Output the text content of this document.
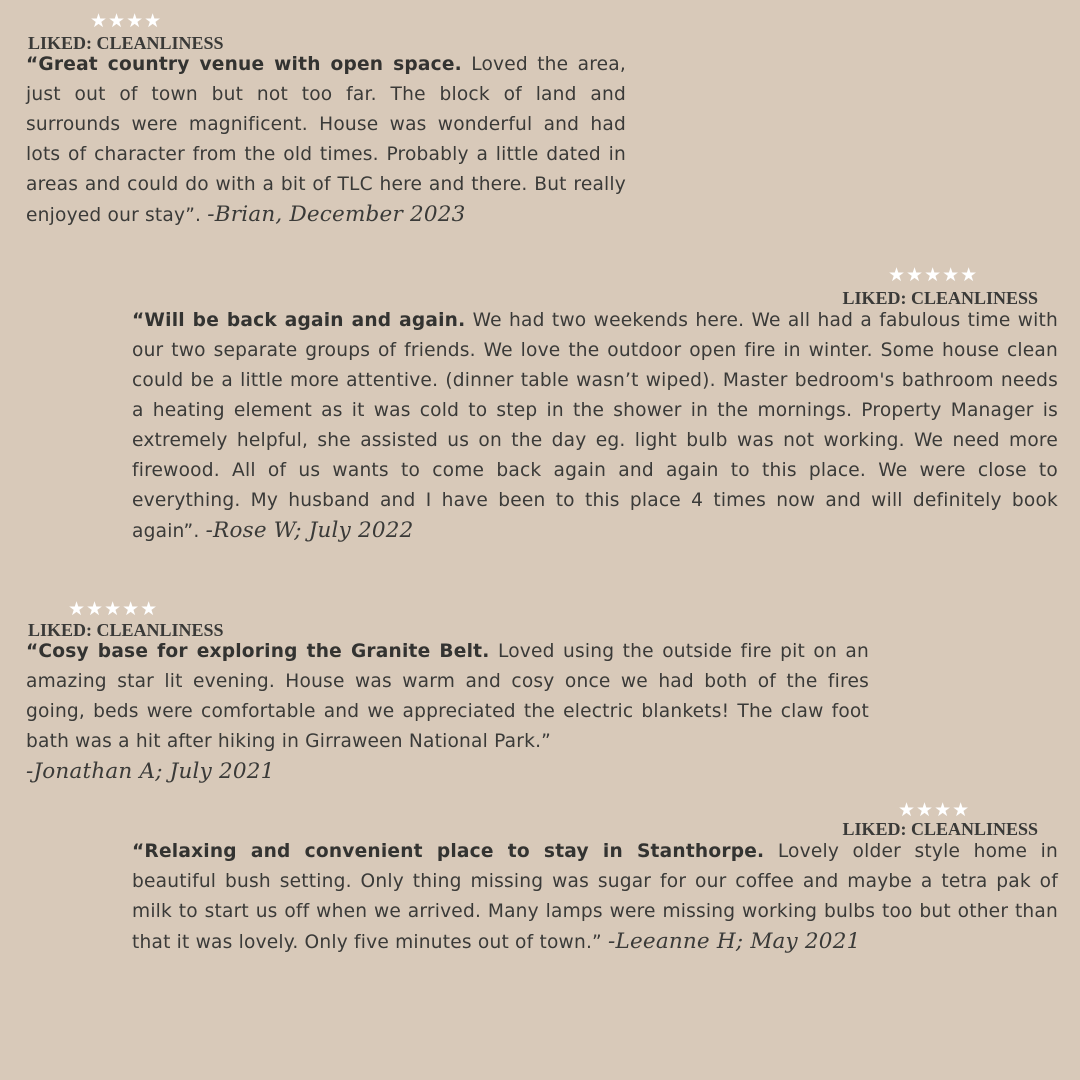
★★★★
LIKED: CLEANLINESS

“Great country venue with open space. Loved the area, just out of town but not too far. The block of land and surrounds were magnificent. House was wonderful and had lots of character from the old times. Probably a little dated in areas and could do with a bit of TLC here and there. But really enjoyed our stay”. -Brian, December 2023

★★★★★
LIKED: CLEANLINESS

“Will be back again and again. We had two weekends here. We all had a fabulous time with our two separate groups of friends. We love the outdoor open fire in winter. Some house clean could be a little more attentive. (dinner table wasn’t wiped). Master bedroom's bathroom needs a heating element as it was cold to step in the shower in the mornings. Property Manager is extremely helpful, she assisted us on the day eg. light bulb was not working. We need more firewood. All of us wants to come back again and again to this place. We were close to everything. My husband and I have been to this place 4 times now and will definitely book again”. -Rose W; July 2022

★★★★★
LIKED: CLEANLINESS

“Cosy base for exploring the Granite Belt. Loved using the outside fire pit on an amazing star lit evening. House was warm and cosy once we had both of the fires going, beds were comfortable and we appreciated the electric blankets! The claw foot bath was a hit after hiking in Girraween National Park.”
-Jonathan A; July 2021

★★★★
LIKED: CLEANLINESS

“Relaxing and convenient place to stay in Stanthorpe. Lovely older style home in beautiful bush setting. Only thing missing was sugar for our coffee and maybe a tetra pak of milk to start us off when we arrived. Many lamps were missing working bulbs too but other than that it was lovely. Only five minutes out of town.” -Leeanne H; May 2021
